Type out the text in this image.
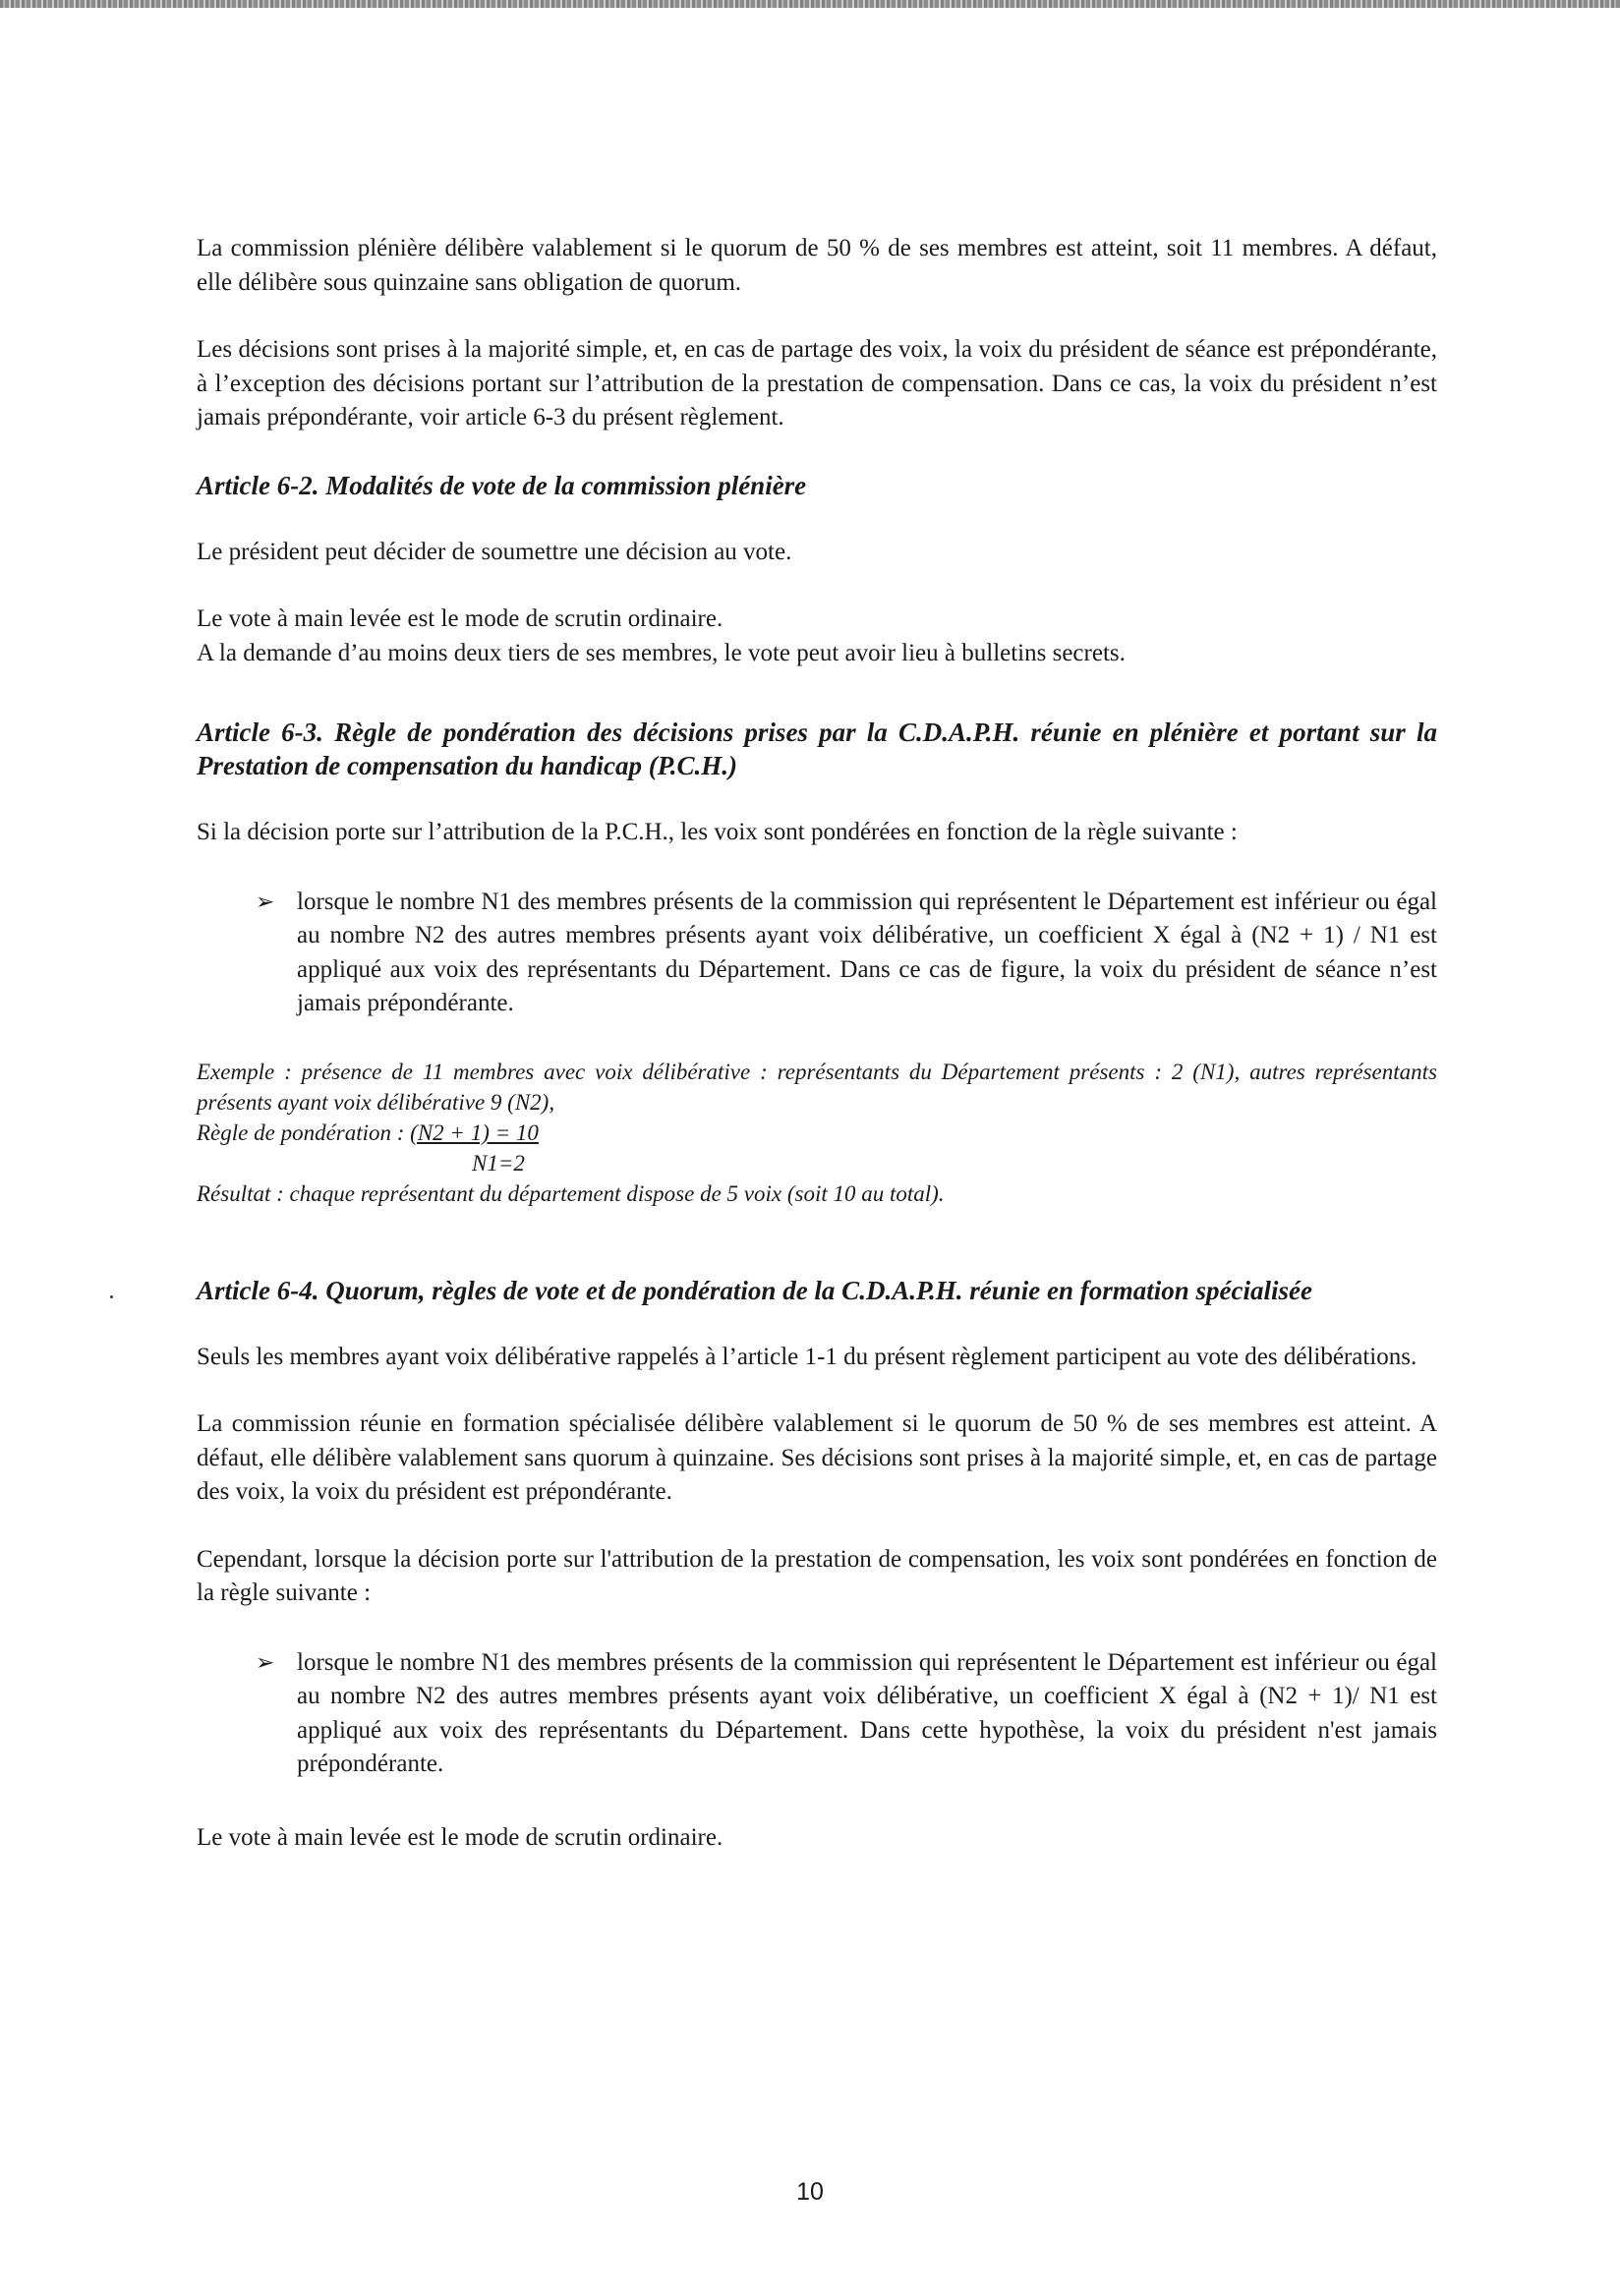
La commission plénière délibère valablement si le quorum de 50 % de ses membres est atteint, soit 11 membres. A défaut, elle délibère sous quinzaine sans obligation de quorum.

Les décisions sont prises à la majorité simple, et, en cas de partage des voix, la voix du président de séance est prépondérante, à l’exception des décisions portant sur l’attribution de la prestation de compensation. Dans ce cas, la voix du président n’est jamais prépondérante, voir article 6-3 du présent règlement.

Article 6-2. Modalités de vote de la commission plénière

Le président peut décider de soumettre une décision au vote.

Le vote à main levée est le mode de scrutin ordinaire.

A la demande d’au moins deux tiers de ses membres, le vote peut avoir lieu à bulletins secrets.

Article 6-3. Règle de pondération des décisions prises par la C.D.A.P.H. réunie en plénière et portant sur la Prestation de compensation du handicap (P.C.H.)

Si la décision porte sur l’attribution de la P.C.H., les voix sont pondérées en fonction de la règle suivante :

➢ lorsque le nombre N1 des membres présents de la commission qui représentent le Département est inférieur ou égal au nombre N2 des autres membres présents ayant voix délibérative, un coefficient X égal à (N2 + 1) / N1 est appliqué aux voix des représentants du Département. Dans ce cas de figure, la voix du président de séance n’est jamais prépondérante.

Exemple : présence de 11 membres avec voix délibérative : représentants du Département présents : 2 (N1), autres représentants présents ayant voix délibérative 9 (N2),

Règle de pondération : (N2 + 1) = 10

N1=2

Résultat : chaque représentant du département dispose de 5 voix (soit 10 au total).

Article 6-4. Quorum, règles de vote et de pondération de la C.D.A.P.H. réunie en formation spécialisée

Seuls les membres ayant voix délibérative rappelés à l’article 1-1 du présent règlement participent au vote des délibérations.

La commission réunie en formation spécialisée délibère valablement si le quorum de 50 % de ses membres est atteint. A défaut, elle délibère valablement sans quorum à quinzaine. Ses décisions sont prises à la majorité simple, et, en cas de partage des voix, la voix du président est prépondérante.

Cependant, lorsque la décision porte sur l'attribution de la prestation de compensation, les voix sont pondérées en fonction de la règle suivante :

➢ lorsque le nombre N1 des membres présents de la commission qui représentent le Département est inférieur ou égal au nombre N2 des autres membres présents ayant voix délibérative, un coefficient X égal à (N2 + 1)/ N1 est appliqué aux voix des représentants du Département. Dans cette hypothèse, la voix du président n'est jamais prépondérante.

Le vote à main levée est le mode de scrutin ordinaire.

10
